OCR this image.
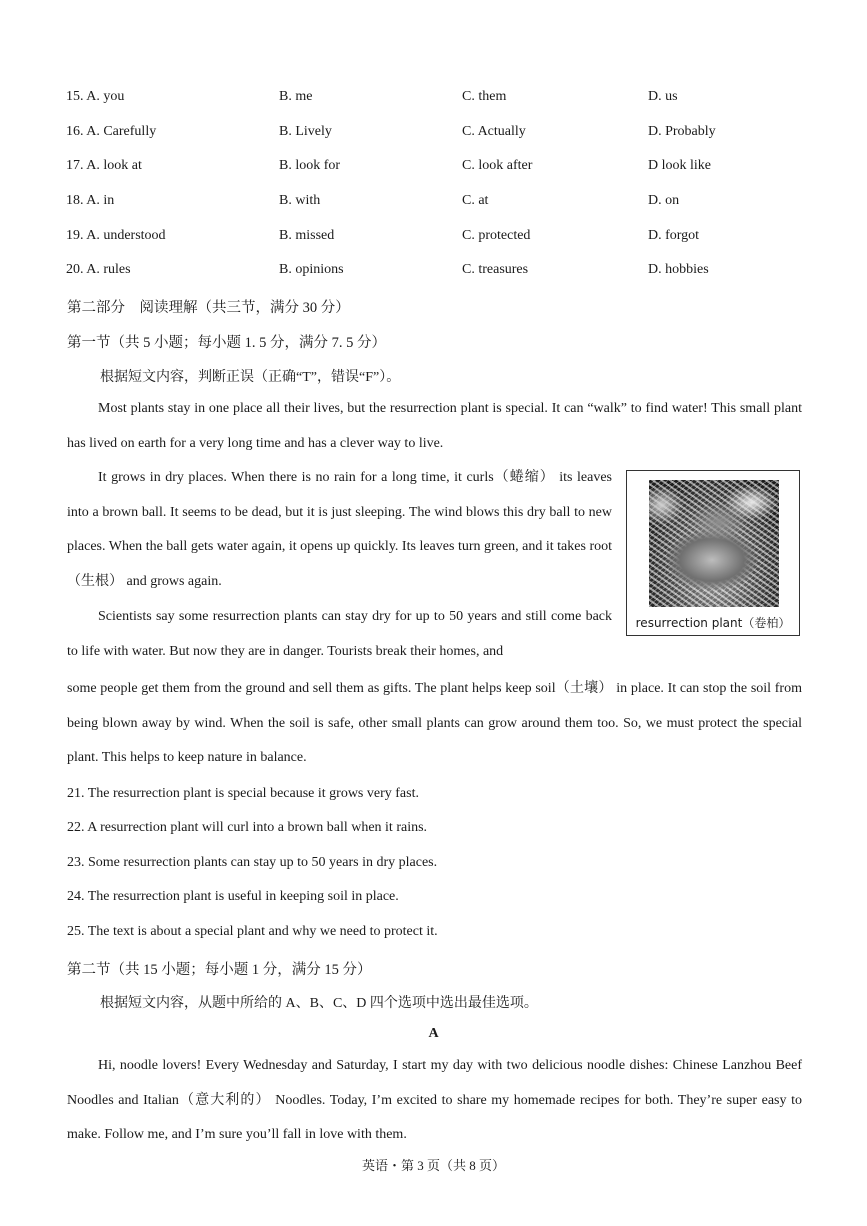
15. A. you	B. me	C. them	D. us
16. A. Carefully	B. Lively	C. Actually	D. Probably
17. A. look at	B. look for	C. look after	D look like
18. A. in	B. with	C. at	D. on
19. A. understood	B. missed	C. protected	D. forgot
20. A. rules	B. opinions	C. treasures	D. hobbies
第二部分　阅读理解（共三节，满分 30 分）
第一节（共 5 小题；每小题 1. 5 分，满分 7. 5 分）
根据短文内容，判断正误（正确“T”，错误“F”）。
Most plants stay in one place all their lives, but the resurrection plant is special. It can “walk” to find water! This small plant has lived on earth for a very long time and has a clever way to live.
It grows in dry places. When there is no rain for a long time, it curls（蜷缩） its leaves into a brown ball. It seems to be dead, but it is just sleeping. The wind blows this dry ball to new places. When the ball gets water again, it opens up quickly. Its leaves turn green, and it takes root（生根） and grows again.
Scientists say some resurrection plants can stay dry for up to 50 years and still come back to life with water. But now they are in danger. Tourists break their homes, and
some people get them from the ground and sell them as gifts. The plant helps keep soil（土壤） in place. It can stop the soil from being blown away by wind. When the soil is safe, other small plants can grow around them too. So, we must protect the special plant. This helps to keep nature in balance.
resurrection plant（卷柏）
21. The resurrection plant is special because it grows very fast.
22. A resurrection plant will curl into a brown ball when it rains.
23. Some resurrection plants can stay up to 50 years in dry places.
24. The resurrection plant is useful in keeping soil in place.
25. The text is about a special plant and why we need to protect it.
第二节（共 15 小题；每小题 1 分，满分 15 分）
根据短文内容，从题中所给的 A、B、C、D 四个选项中选出最佳选项。
A
Hi, noodle lovers! Every Wednesday and Saturday, I start my day with two delicious noodle dishes: Chinese Lanzhou Beef Noodles and Italian（意大利的） Noodles. Today, I’m excited to share my homemade recipes for both. They’re super easy to make. Follow me, and I’m sure you’ll fall in love with them.
英语・第 3 页（共 8 页）
